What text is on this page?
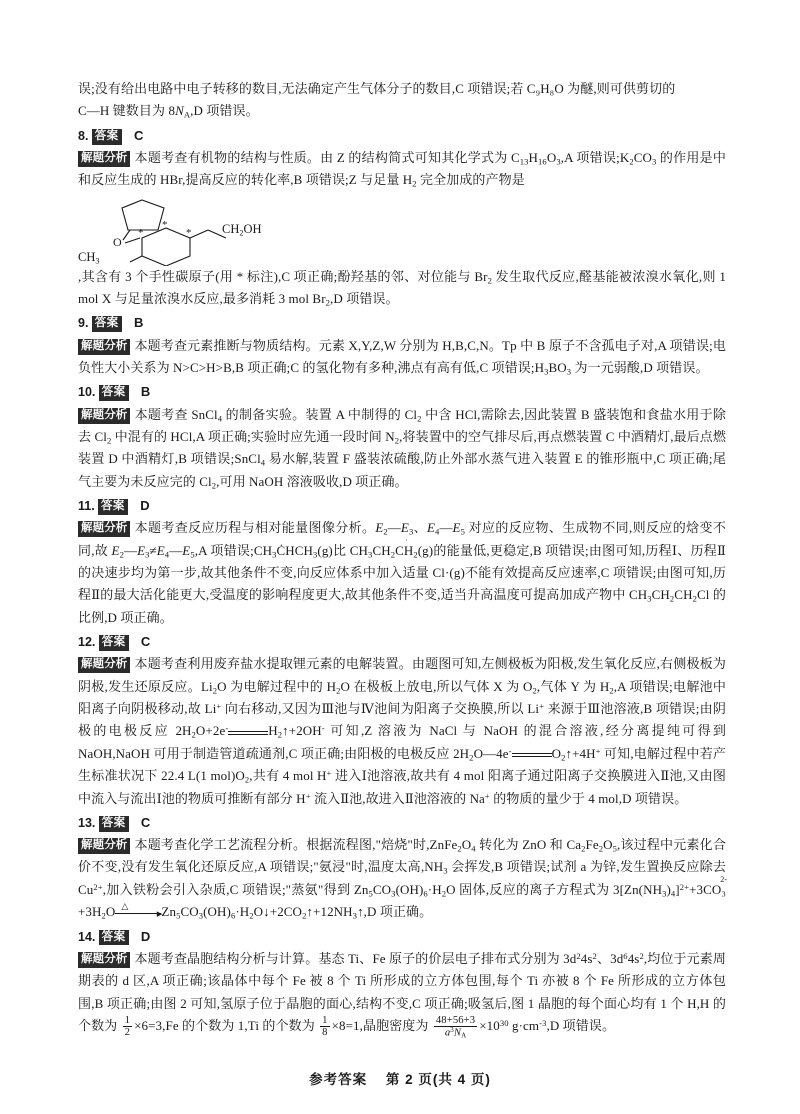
误;没有给出电路中电子转移的数目,无法确定产生气体分子的数目,C 项错误;若 C₉H₈O 为醚,则可供剪切的
C—H 键数目为 $8N_A,D$ 项错误。
8. 答案 C
解题分析 本题考查有机物的结构与性质。由 Z 的结构简式可知其化学式为 $C_{13}H_{16}O_3,A$ 项错误$;K_2CO_3$ 的作用是中和反应生成的 HBr,提高反应的转化率,B 项错误;Z 与足量 $H_2$ 完全加成的产物是
O
*	*
*	$CH_2OH$
$CH_3$
,其含有 3 个手性碳原子(用 * 标注),C 项正确;酚羟基的邻、对位能与 $Br_2$ 发生取代反应,醛基能被浓溴水氧化,则 1 mol X 与足量浓溴水反应,最多消耗 3 mol $Br_2,D$ 项错误。
9. 答案 B
解题分析 本题考查元素推断与物质结构。元素 X,Y,Z,W 分别为 H,B,C,N。Tp 中 B 原子不含孤电子对,A 项错误;电负性大小关系为 N>C>H>B,B 项正确;C 的氢化物有多种,沸点有高有低,C 项错误$;H_3BO_3$ 为一元弱酸,D 项错误。
10. 答案 B
解题分析 本题考查 SnCl$_4$ 的制备实验。装置 A 中制得的 $Cl_2$ 中含 HCl,需除去,因此装置 B 盛装饱和食盐水用于除去 $Cl_2$ 中混有的 HCl,A 项正确;实验时应先通一段时间 $N_2$,将装置中的空气排尽后,再点燃装置 C 中酒精灯,最后点燃装置 D 中酒精灯,B 项错误;SnCl$_4$ 易水解,装置 F 盛装浓硫酸,防止外部水蒸气进入装置 E 的锥形瓶中,C 项正确;尾气主要为未反应完的 $Cl_2$,可用 NaOH 溶液吸收,D 项正确。
11. 答案 D
解题分析 本题考查反应历程与相对能量图像分析。$E_2—E_3$、$E_4—E_5$ 对应的反应物、生成物不同,则反应的焓变不同,故 $E_2—E_3\ne E_4—E_5,A$ 项错误$;CH_3ĊHCH_3(g)$比 $CH_3CH_2$
·
$CH_2(g)$的能量低,更稳定,B 项错误;由图可知,历程Ⅰ、历程Ⅱ的决速步均为第一步,故其他条件不变,向反应体系中加入适量 Cl·(g)不能有效提高反应速率,C 项错误;由图可知,历程Ⅱ的最大活化能更大,受温度的影响程度更大,故其他条件不变,适当升高温度可提高加成产物中 $CH_3CH_2CH_2Cl$ 的比例,D 项正确。
12. 答案 C
解题分析 本题考查利用废弃盐水提取锂元素的电解装置。由题图可知,左侧极板为阳极,发生氧化反应,右侧极板为阴极,发生还原反应。$Li_2O$ 为电解过程中的 $H_2O$ 在极板上放电,所以气体 X 为 $O_2$,气体 Y 为 $H_2,A$ 项错误;电解池中阳离子向阴极移动,故 Li+ 向右移动,又因为Ⅲ池与Ⅳ池间为阳离子交换膜,所以 Li+ 来源于Ⅲ池溶液,B 项错误;由阴极的电极反应 $2H_2O+2e^-$	$H_2↑+2OH^-$ 可知,Z 溶液为 NaCl 与 NaOH 的混合溶液,经分离提纯可得到 NaOH,NaOH 可用于制造管道疏通剂,C 项正确;由阳极的电极反应 $2H_2O—4e^-$	$O_2↑+4H^+$ 可知,电解过程中若产生标准状况下 22.4 L(1 $mol)O_2$,共有 4 mol H+ 进入Ⅰ池溶液,故共有 4 mol 阳离子通过阳离子交换膜进入Ⅱ池,又由图中流入与流出Ⅰ池的物质可推断有部分 H+ 流入Ⅱ池,故进入Ⅱ池溶液的 Na+ 的物质的量少于 4 mol,D 项错误。
13. 答案 C
解题分析 本题考查化学工艺流程分析。根据流程图,"焙烧"时$,ZnFe_2O_4$ 转化为 ZnO 和 $Ca_2Fe_2O_5$,该过程中元素化合价不变,没有发生氧化还原反应,A 项错误;"氨浸"时,温度太高$,NH_3$ 会挥发,B 项错误;试剂 a 为锌,发生置换反应除去 $Cu^{2+}$,加入铁粉会引入杂质,C 项错误;"蒸氨"得到 $Zn_5CO_3(OH)_6\cdot H_2O$ 固体,反应的离子方程式为 $3[Zn(NH_3)_4]^{2+}+3CO$
2-
$_3+3H_2O$ △
▸ $Zn_5CO_3(OH)_6\cdot H_2O↓+2CO_2↑+12NH_3↑,D$ 项正确。
14. 答案 D
解题分析 本题考查晶胞结构分析与计算。基态 Ti、Fe 原子的价层电子排布式分别为 $3d^24s^2$、$3d^64s^2$,均位于元素周期表的 d 区,A 项正确;该晶体中每个 Fe 被 8 个 Ti 所形成的立方体包围,每个 Ti 亦被 8 个 Fe 所形成的立方体包围,B 项正确;由图 2 可知,氢原子位于晶胞的面心,结构不变,C 项正确;吸氢后,图 1 晶胞的每个面心均有 1 个 H,H 的个数为 $\frac{1}{2} \times 6=3,Fe$ 的个数为 1,Ti 的个数为 $\frac{1}{8} \times 8=1$,晶胞密度为 $\frac{48+56+3}{a^3N_A} \times 10^{30}$ $g\cdot cm^{-3},D$ 项错误。
参考答案 第 2 页(共 4 页)
